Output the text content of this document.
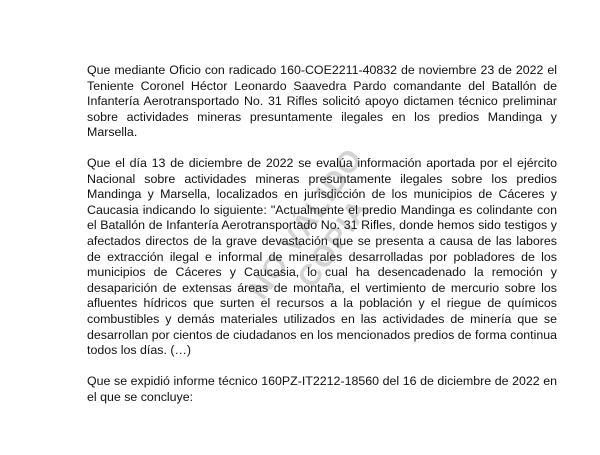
Que mediante Oficio con radicado 160-COE2211-40832 de noviembre 23 de 2022 el Teniente Coronel Héctor Leonardo Saavedra Pardo comandante del Batallón de Infantería Aerotransportado No. 31 Rifles solicitó apoyo dictamen técnico preliminar sobre actividades mineras presuntamente ilegales en los predios Mandinga y Marsella.

Que el día 13 de diciembre de 2022 se evalúa información aportada por el ejército Nacional sobre actividades mineras presuntamente ilegales sobre los predios Mandinga y Marsella, localizados en jurisdicción de los municipios de Cáceres y Caucasia indicando lo siguiente: "Actualmente el predio Mandinga es colindante con el Batallón de Infantería Aerotransportado No. 31 Rifles, donde hemos sido testigos y afectados directos de la grave devastación que se presenta a causa de las labores de extracción ilegal e informal de minerales desarrolladas por pobladores de los municipios de Cáceres y Caucasia, lo cual ha desencadenado la remoción y desaparición de extensas áreas de montaña, el vertimiento de mercurio sobre los afluentes hídricos que surten el recursos a la población y el riegue de químicos combustibles y demás materiales utilizados en las actividades de minería que se desarrollan por cientos de ciudadanos en los mencionados predios de forma continua todos los días. (…)

Que se expidió informe técnico 160PZ-IT2212-18560 del 16 de diciembre de 2022 en el que se concluye:

NO VÁLIDO
COPIA
